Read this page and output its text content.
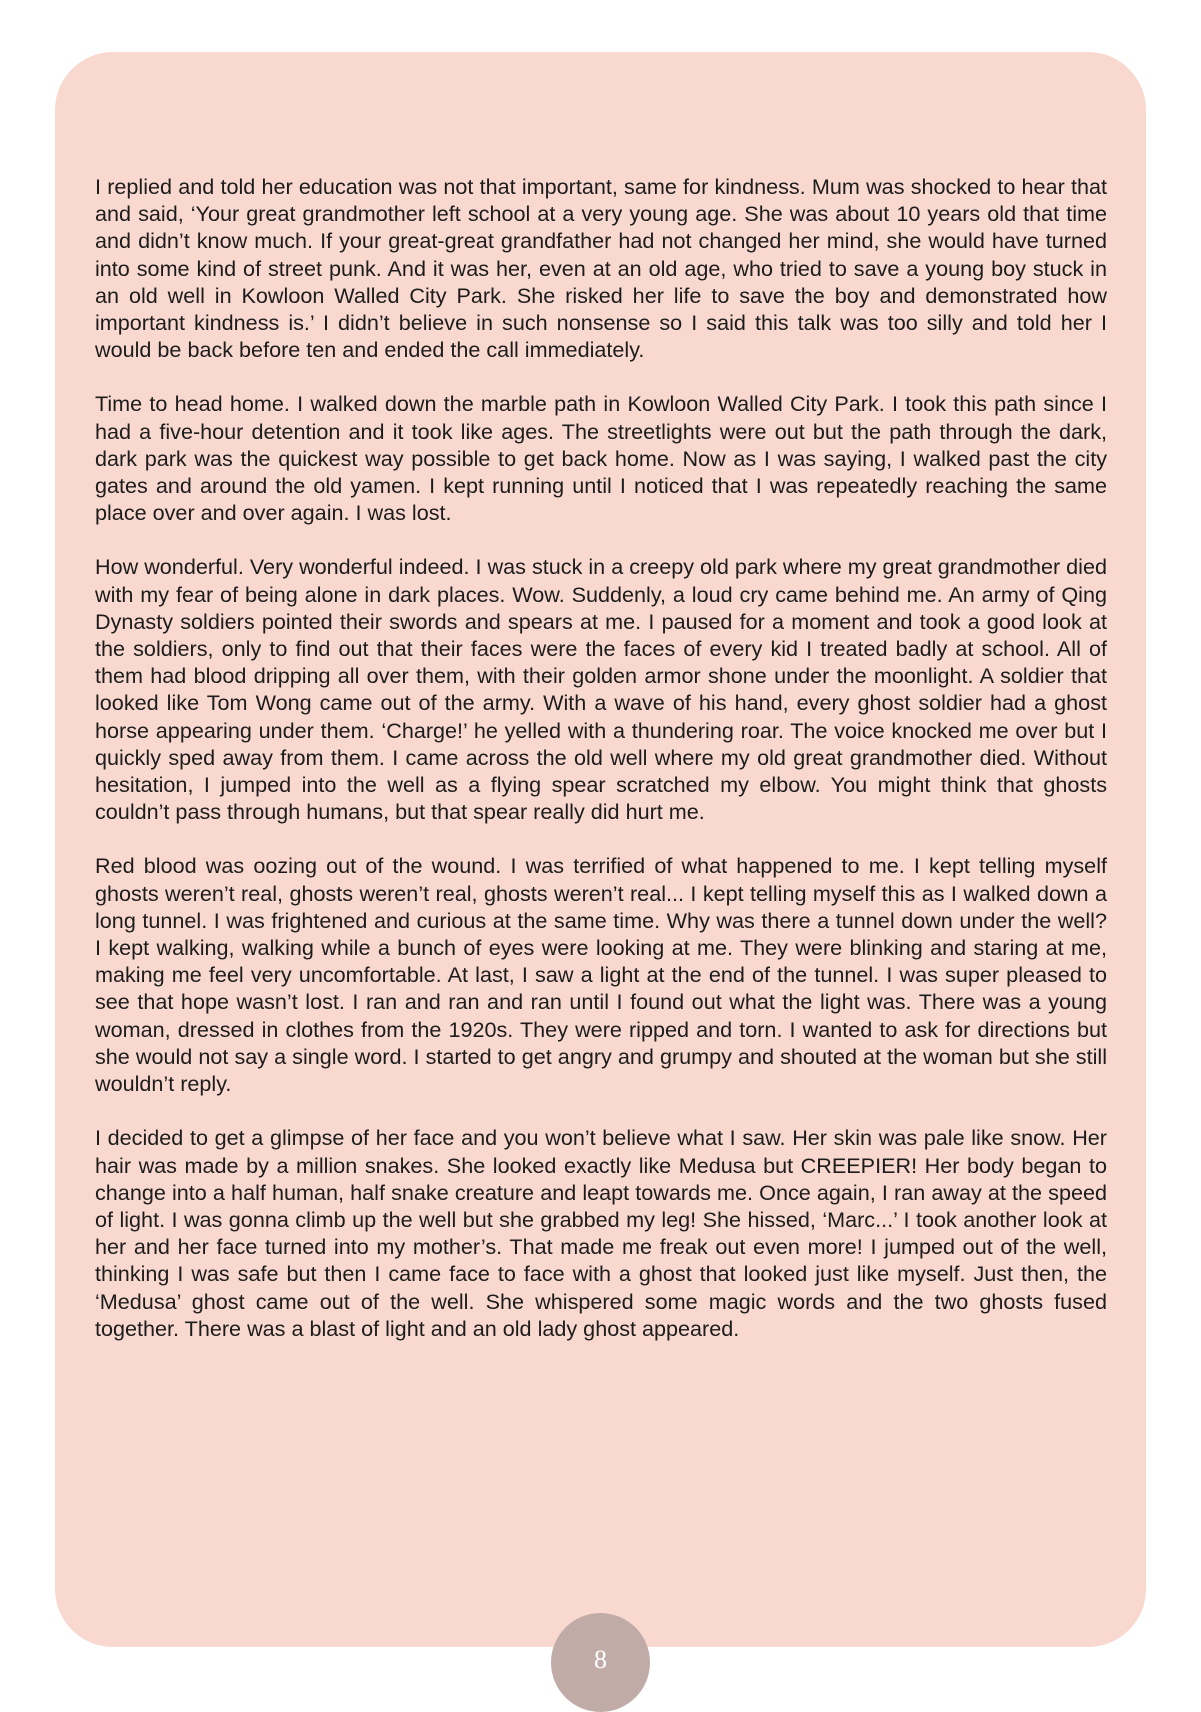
I replied and told her education was not that important, same for kindness. Mum was shocked to hear that and said, ‘Your great grandmother left school at a very young age. She was about 10 years old that time and didn’t know much. If your great-great grandfather had not changed her mind, she would have turned into some kind of street punk. And it was her, even at an old age, who tried to save a young boy stuck in an old well in Kowloon Walled City Park. She risked her life to save the boy and demonstrated how important kindness is.’ I didn’t believe in such nonsense so I said this talk was too silly and told her I would be back before ten and ended the call immediately.

Time to head home. I walked down the marble path in Kowloon Walled City Park. I took this path since I had a five-hour detention and it took like ages. The streetlights were out but the path through the dark, dark park was the quickest way possible to get back home. Now as I was saying, I walked past the city gates and around the old yamen. I kept running until I noticed that I was repeatedly reaching the same place over and over again. I was lost.

How wonderful. Very wonderful indeed. I was stuck in a creepy old park where my great grandmother died with my fear of being alone in dark places. Wow. Suddenly, a loud cry came behind me. An army of Qing Dynasty soldiers pointed their swords and spears at me. I paused for a moment and took a good look at the soldiers, only to find out that their faces were the faces of every kid I treated badly at school. All of them had blood dripping all over them, with their golden armor shone under the moonlight. A soldier that looked like Tom Wong came out of the army. With a wave of his hand, every ghost soldier had a ghost horse appearing under them. ‘Charge!’ he yelled with a thundering roar. The voice knocked me over but I quickly sped away from them. I came across the old well where my old great grandmother died. Without hesitation, I jumped into the well as a flying spear scratched my elbow. You might think that ghosts couldn’t pass through humans, but that spear really did hurt me.

Red blood was oozing out of the wound. I was terrified of what happened to me. I kept telling myself ghosts weren’t real, ghosts weren’t real, ghosts weren’t real... I kept telling myself this as I walked down a long tunnel. I was frightened and curious at the same time. Why was there a tunnel down under the well? I kept walking, walking while a bunch of eyes were looking at me. They were blinking and staring at me, making me feel very uncomfortable. At last, I saw a light at the end of the tunnel. I was super pleased to see that hope wasn’t lost. I ran and ran and ran until I found out what the light was. There was a young woman, dressed in clothes from the 1920s. They were ripped and torn. I wanted to ask for directions but she would not say a single word. I started to get angry and grumpy and shouted at the woman but she still wouldn’t reply.

I decided to get a glimpse of her face and you won’t believe what I saw. Her skin was pale like snow. Her hair was made by a million snakes. She looked exactly like Medusa but CREEPIER! Her body began to change into a half human, half snake creature and leapt towards me. Once again, I ran away at the speed of light. I was gonna climb up the well but she grabbed my leg! She hissed, ‘Marc...’ I took another look at her and her face turned into my mother’s. That made me freak out even more! I jumped out of the well, thinking I was safe but then I came face to face with a ghost that looked just like myself. Just then, the ‘Medusa’ ghost came out of the well. She whispered some magic words and the two ghosts fused together. There was a blast of light and an old lady ghost appeared.

8
